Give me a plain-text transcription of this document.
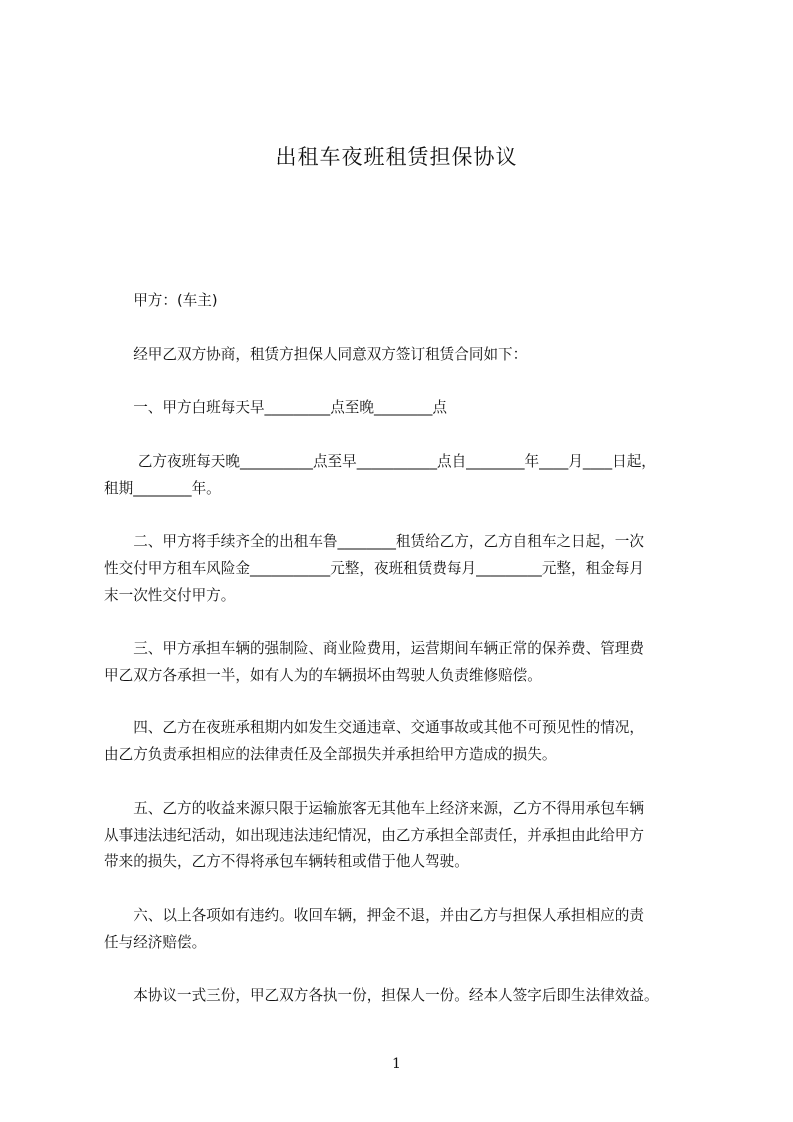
出租车夜班租赁担保协议
　　甲方：(车主)
　　经甲乙双方协商，租赁方担保人同意双方签订租赁合同如下：
　　一、甲方白班每天早_________点至晚________点
　　 乙方夜班每天晚__________点至早___________点自________年____月____日起，
租期________年。
　　二、甲方将手续齐全的出租车鲁________租赁给乙方，乙方自租车之日起，一次
性交付甲方租车风险金___________元整，夜班租赁费每月_________元整，租金每月
末一次性交付甲方。
　　三、甲方承担车辆的强制险、商业险费用，运营期间车辆正常的保养费、管理费
甲乙双方各承担一半，如有人为的车辆损坏由驾驶人负责维修赔偿。
　　四、乙方在夜班承租期内如发生交通违章、交通事故或其他不可预见性的情况，
由乙方负责承担相应的法律责任及全部损失并承担给甲方造成的损失。
　　五、乙方的收益来源只限于运输旅客无其他车上经济来源，乙方不得用承包车辆
从事违法违纪活动，如出现违法违纪情况，由乙方承担全部责任，并承担由此给甲方
带来的损失，乙方不得将承包车辆转租或借于他人驾驶。
　　六、以上各项如有违约。收回车辆，押金不退，并由乙方与担保人承担相应的责
任与经济赔偿。
　　本协议一式三份，甲乙双方各执一份，担保人一份。经本人签字后即生法律效益。
1
